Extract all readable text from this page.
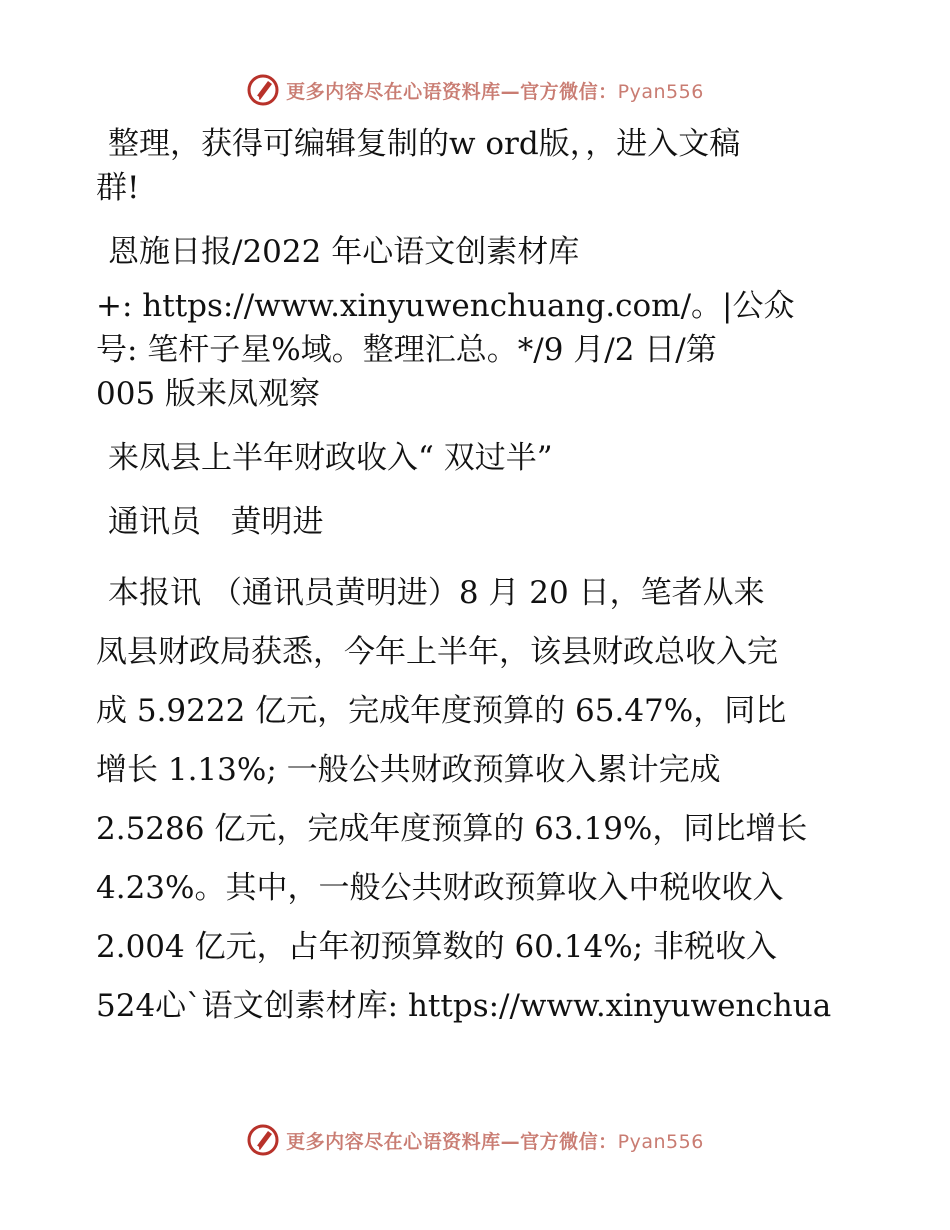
更多内容尽在心语资料库—官方微信：Pyan556
整理，获得可编辑复制的w ord版，，进入文稿
群!
恩施日报/2022 年心语文创素材库
+: https://www.xinyuwenchuang.com/。|公众
号: 笔杆子星%域。整理汇总。*/9 月/2 日/第
005 版来凤观察
来凤县上半年财政收入“ 双过半”
通讯员   黄明进
本报讯 （通讯员黄明进）8 月 20 日，笔者从来
凤县财政局获悉，今年上半年，该县财政总收入完
成 5.9222 亿元，完成年度预算的 65.47%，同比
增长 1.13%; 一般公共财政预算收入累计完成
2.5286 亿元，完成年度预算的 63.19%，同比增长
4.23%。其中，一般公共财政预算收入中税收收入
2.004 亿元，占年初预算数的 60.14%; 非税收入
524心`语文创素材库: https://www.xinyuwenchua
更多内容尽在心语资料库—官方微信：Pyan556
